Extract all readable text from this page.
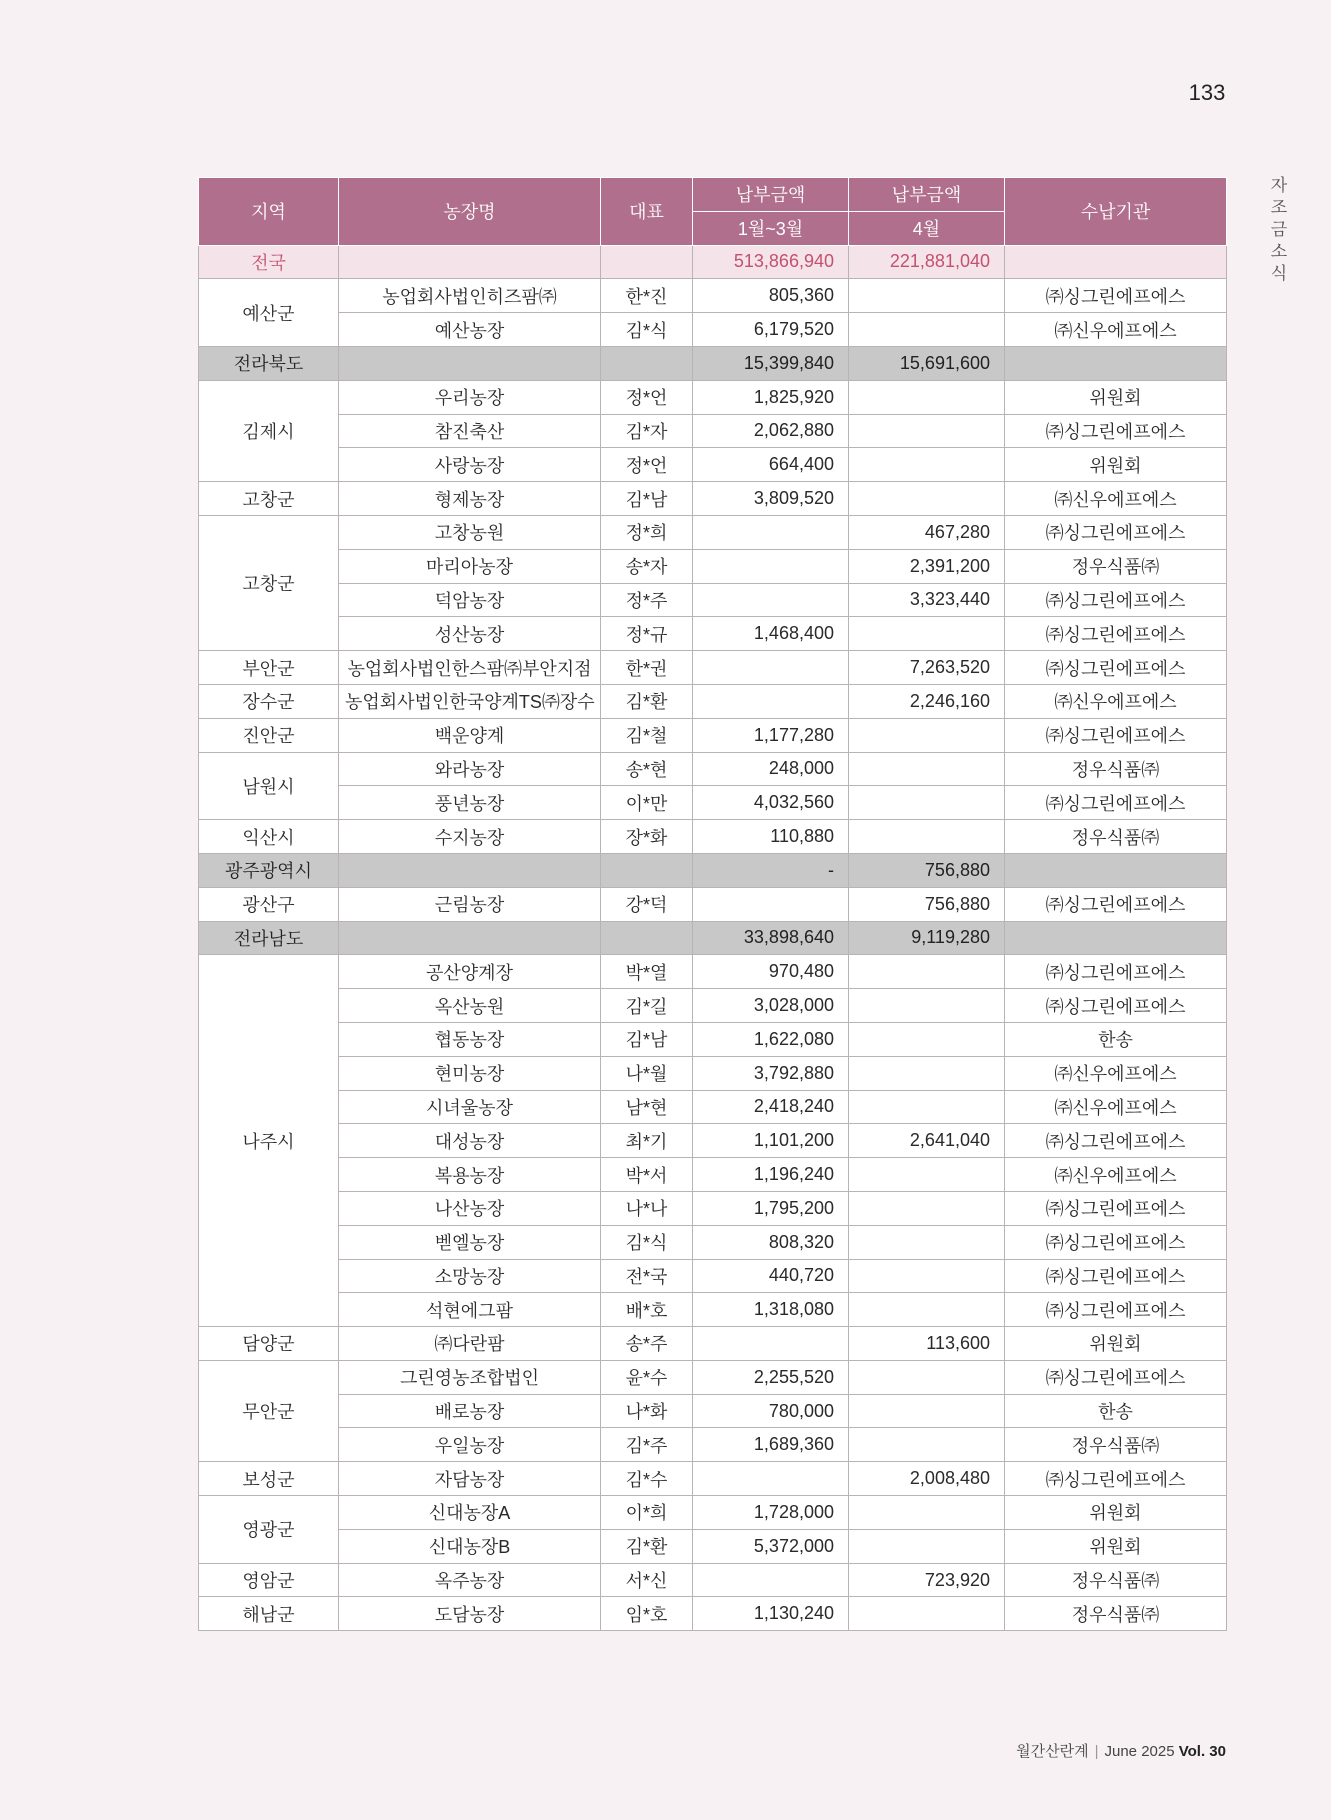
133
자
조
금
소
식
지역	농장명	대표	납부금액	납부금액	수납기관
			1월~3월	4월	
전국			513,866,940	221,881,040	
예산군	농업회사법인히즈팜㈜	한*진	805,360		㈜싱그린에프에스
	예산농장	김*식	6,179,520		㈜신우에프에스
전라북도			15,399,840	15,691,600	
김제시	우리농장	정*언	1,825,920		위원회
	참진축산	김*자	2,062,880		㈜싱그린에프에스
	사랑농장	정*언	664,400		위원회
고창군	형제농장	김*남	3,809,520		㈜신우에프에스
고창군	고창농원	정*희		467,280	㈜싱그린에프에스
	마리아농장	송*자		2,391,200	정우식품㈜
	덕암농장	정*주		3,323,440	㈜싱그린에프에스
	성산농장	정*규	1,468,400		㈜싱그린에프에스
부안군	농업회사법인한스팜㈜부안지점	한*권		7,263,520	㈜싱그린에프에스
장수군	농업회사법인한국양계TS㈜장수	김*환		2,246,160	㈜신우에프에스
진안군	백운양계	김*철	1,177,280		㈜싱그린에프에스
남원시	와라농장	송*현	248,000		정우식품㈜
	풍년농장	이*만	4,032,560		㈜싱그린에프에스
익산시	수지농장	장*화	110,880		정우식품㈜
광주광역시			-	756,880	
광산구	근림농장	강*덕		756,880	㈜싱그린에프에스
전라남도			33,898,640	9,119,280	
나주시	공산양계장	박*열	970,480		㈜싱그린에프에스
	옥산농원	김*길	3,028,000		㈜싱그린에프에스
	협동농장	김*남	1,622,080		한송
	현미농장	나*월	3,792,880		㈜신우에프에스
	시녀울농장	남*현	2,418,240		㈜신우에프에스
	대성농장	최*기	1,101,200	2,641,040	㈜싱그린에프에스
	복용농장	박*서	1,196,240		㈜신우에프에스
	나산농장	나*나	1,795,200		㈜싱그린에프에스
	벧엘농장	김*식	808,320		㈜싱그린에프에스
	소망농장	전*국	440,720		㈜싱그린에프에스
	석현에그팜	배*호	1,318,080		㈜싱그린에프에스
담양군	㈜다란팜	송*주		113,600	위원회
무안군	그린영농조합법인	윤*수	2,255,520		㈜싱그린에프에스
	배로농장	나*화	780,000		한송
	우일농장	김*주	1,689,360		정우식품㈜
보성군	자담농장	김*수		2,008,480	㈜싱그린에프에스
영광군	신대농장A	이*희	1,728,000		위원회
	신대농장B	김*환	5,372,000		위원회
영암군	옥주농장	서*신		723,920	정우식품㈜
해남군	도담농장	임*호	1,130,240		정우식품㈜
월간산란계 | June 2025 Vol. 30
